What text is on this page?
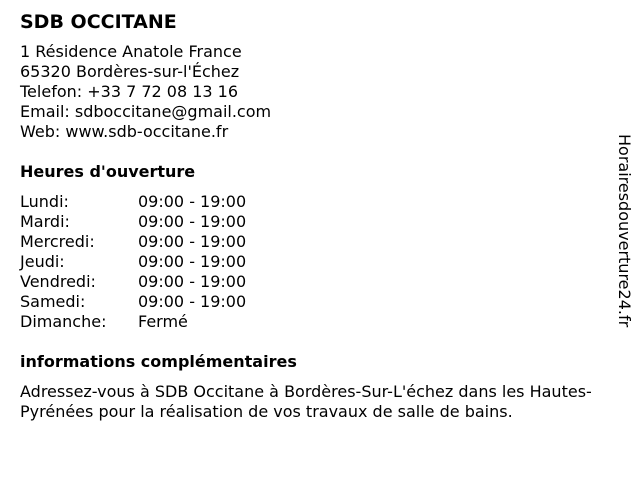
SDB OCCITANE
1 Résidence Anatole France
65320 Bordères-sur-l'Échez
Telefon: +33 7 72 08 13 16
Email: sdboccitane@gmail.com
Web: www.sdb-occitane.fr
Heures d'ouverture
Lundi:	09:00 - 19:00
Mardi:	09:00 - 19:00
Mercredi:	09:00 - 19:00
Jeudi:	09:00 - 19:00
Vendredi:	09:00 - 19:00
Samedi:	09:00 - 19:00
Dimanche:	Fermé
informations complémentaires
Adressez-vous à SDB Occitane à Bordères-Sur-L'échez dans les Hautes-Pyrénées pour la réalisation de vos travaux de salle de bains.
Horairesdouverture24.fr
